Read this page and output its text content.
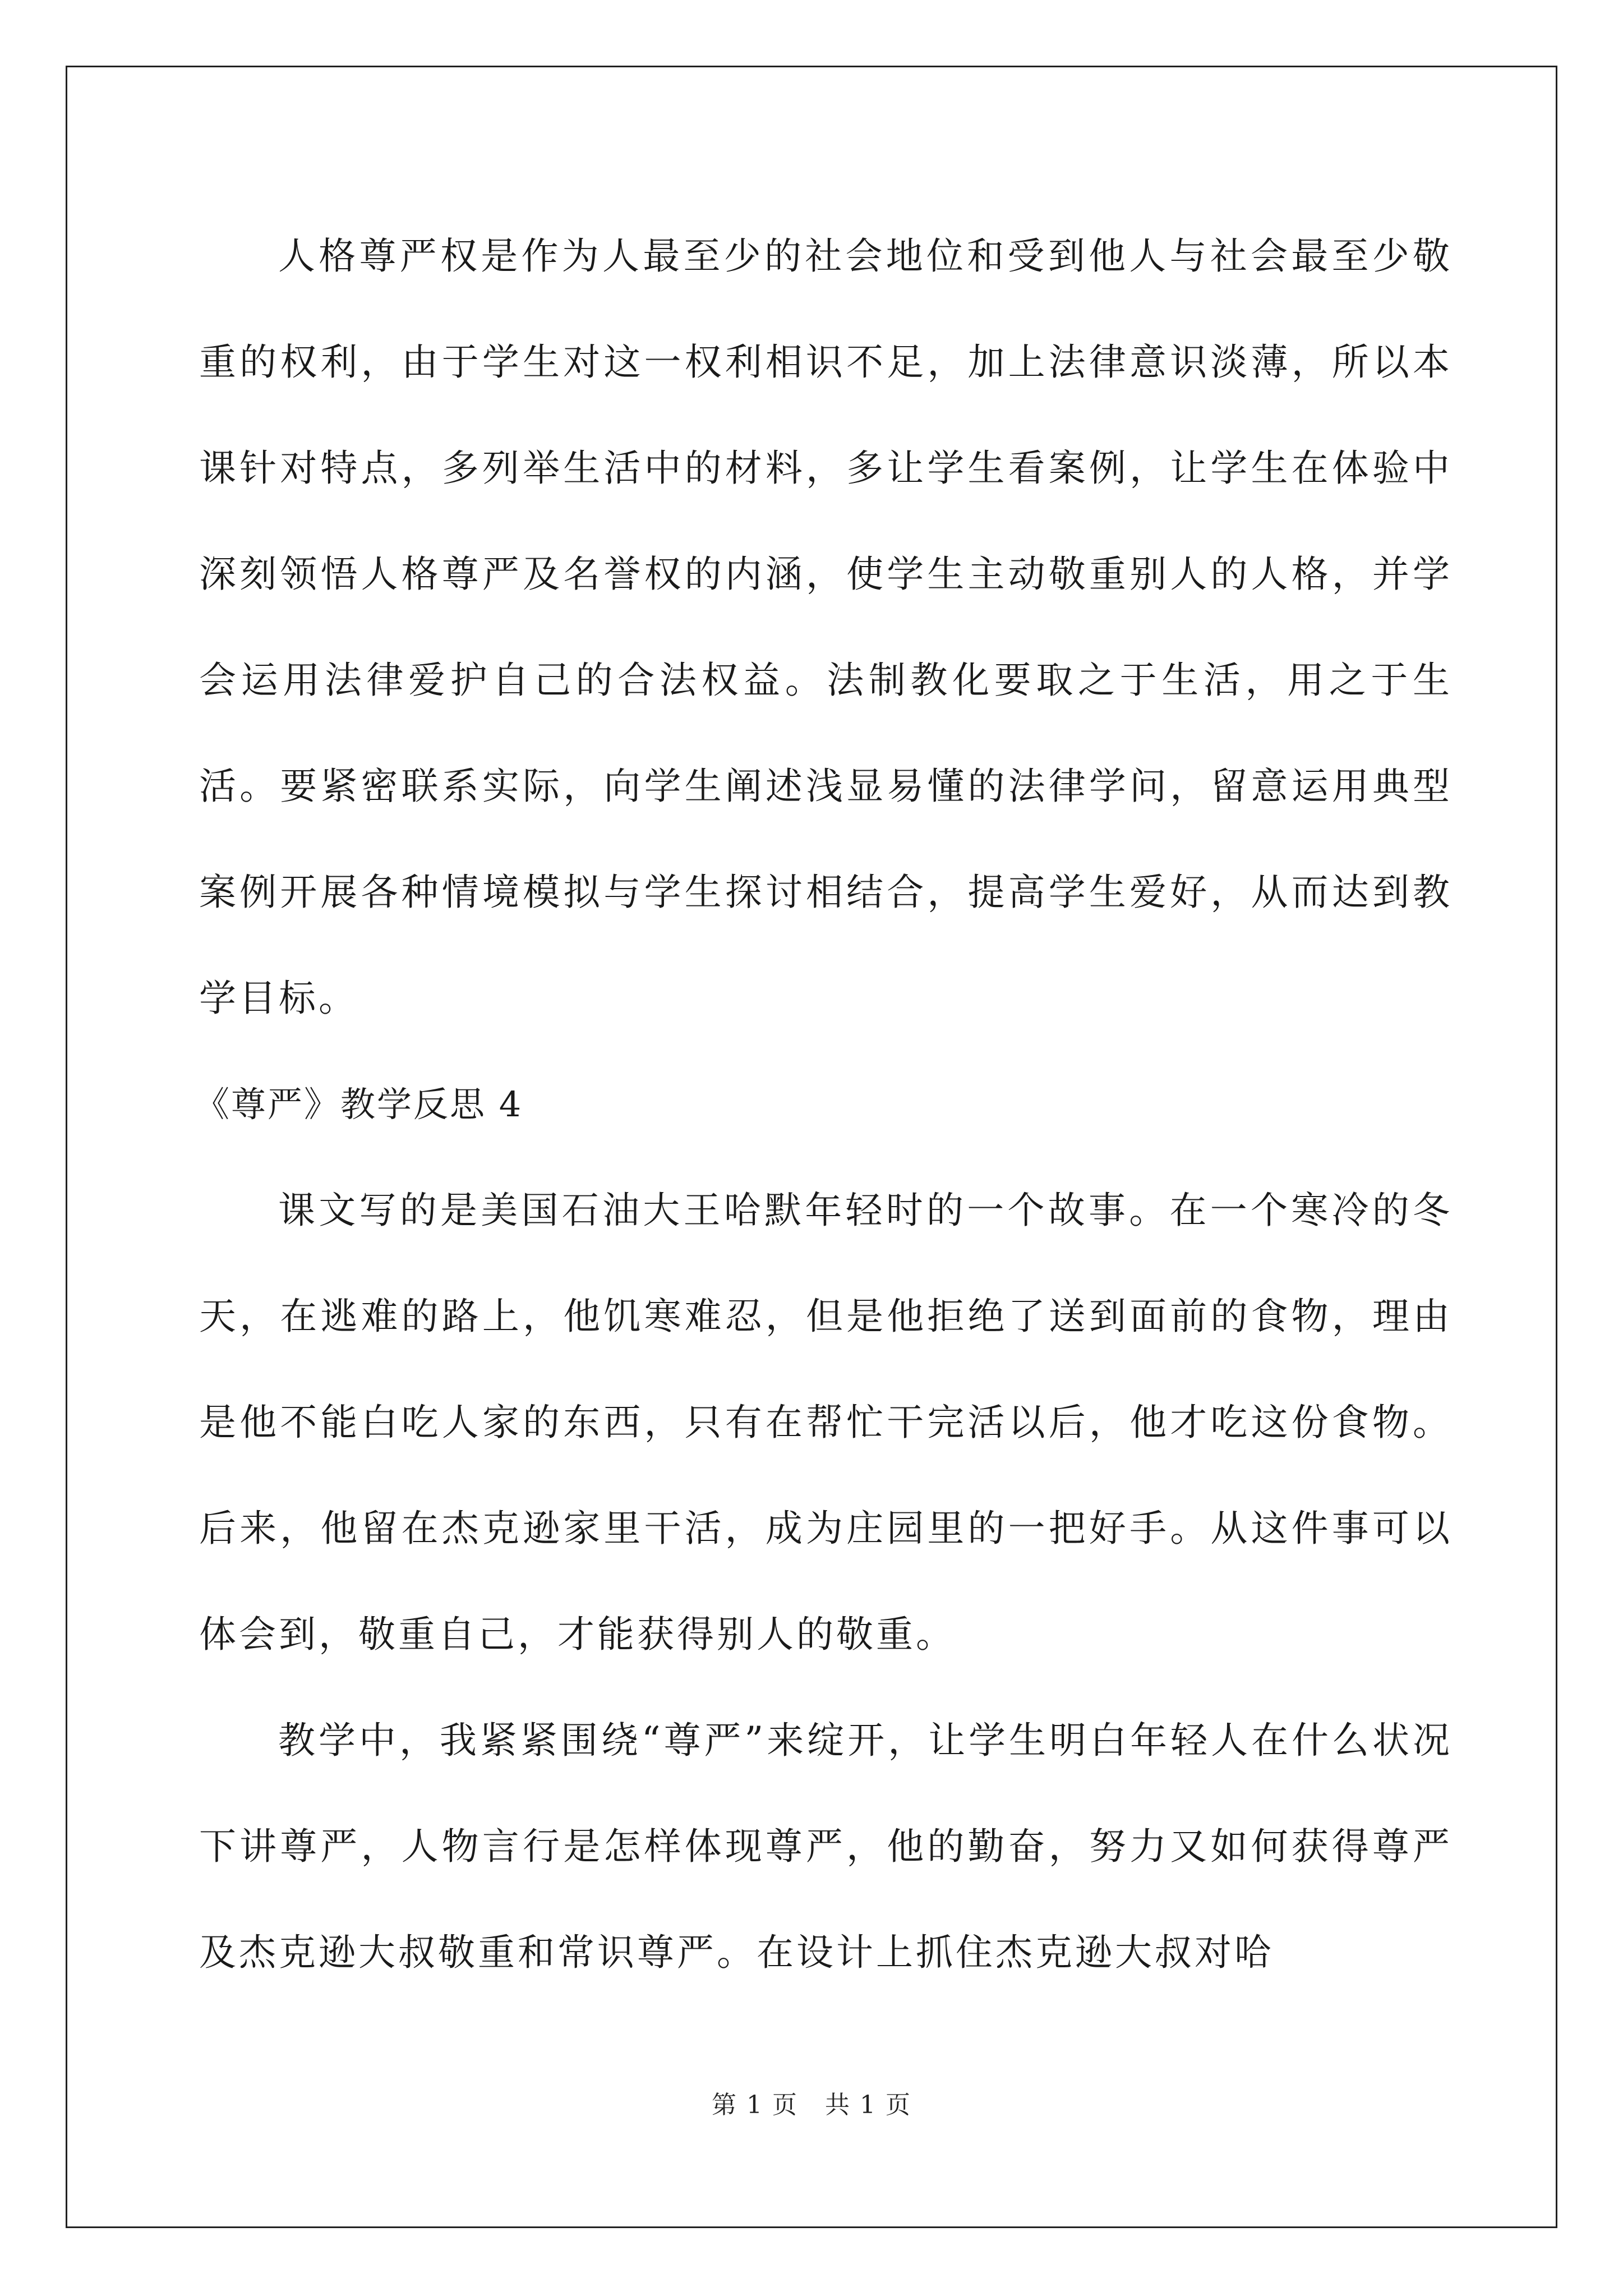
人格尊严权是作为人最至少的社会地位和受到他人与社会最至少敬重的权利，由于学生对这一权利相识不足，加上法律意识淡薄，所以本课针对特点，多列举生活中的材料，多让学生看案例，让学生在体验中深刻领悟人格尊严及名誉权的内涵，使学生主动敬重别人的人格，并学会运用法律爱护自己的合法权益。法制教化要取之于生活，用之于生活。要紧密联系实际，向学生阐述浅显易懂的法律学问，留意运用典型案例开展各种情境模拟与学生探讨相结合，提高学生爱好，从而达到教学目标。

《尊严》教学反思 4

课文写的是美国石油大王哈默年轻时的一个故事。在一个寒冷的冬天，在逃难的路上，他饥寒难忍，但是他拒绝了送到面前的食物，理由是他不能白吃人家的东西，只有在帮忙干完活以后，他才吃这份食物。后来，他留在杰克逊家里干活，成为庄园里的一把好手。从这件事可以体会到，敬重自己，才能获得别人的敬重。

教学中，我紧紧围绕“尊严”来绽开，让学生明白年轻人在什么状况下讲尊严，人物言行是怎样体现尊严，他的勤奋，努力又如何获得尊严及杰克逊大叔敬重和常识尊严。在设计上抓住杰克逊大叔对哈

第 1 页 共 1 页
